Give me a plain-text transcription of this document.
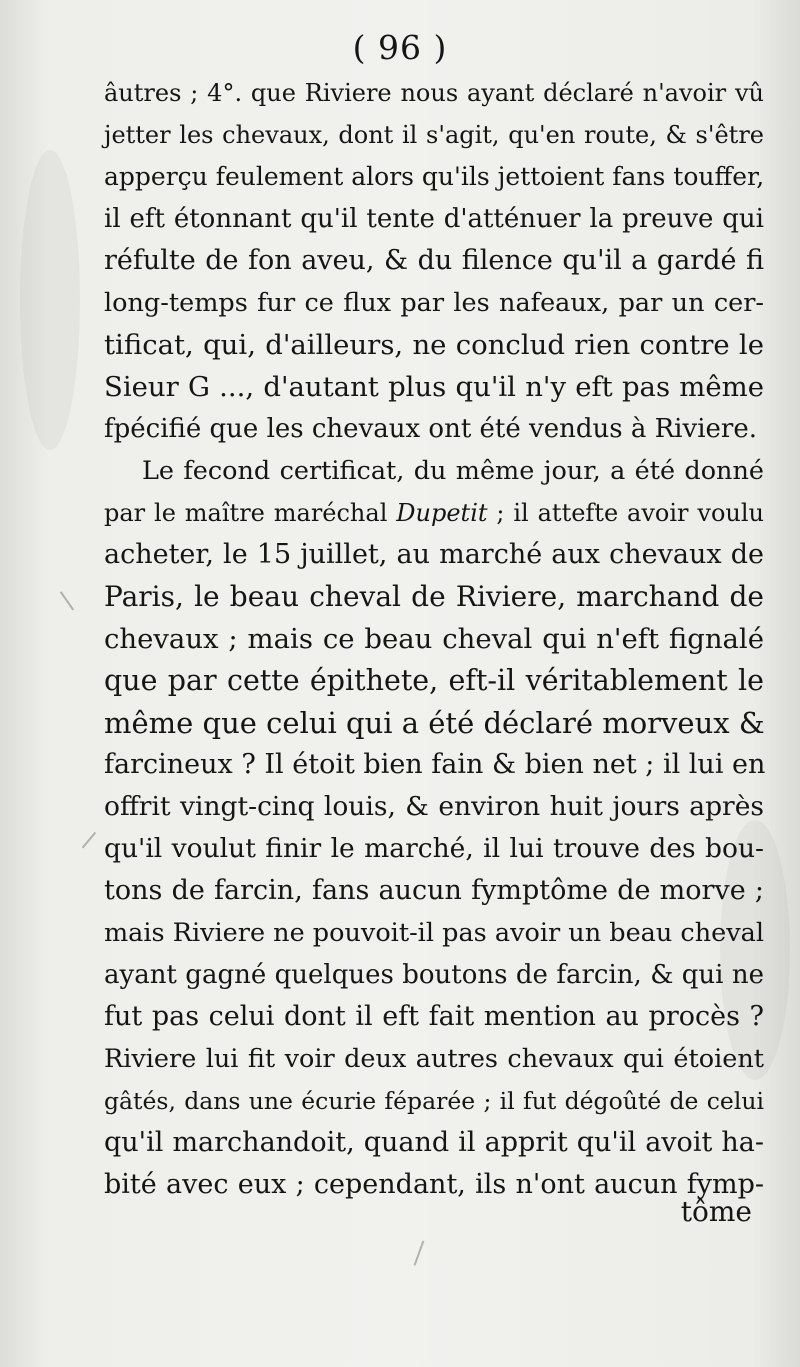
( 96 )
âutres ; 4°. que Riviere nous ayant déclaré n'avoir vû
jetter les chevaux, dont il s'agit, qu'en route, & s'être
apperçu feulement alors qu'ils jettoient fans touffer,
il eft étonnant qu'il tente d'atténuer la preuve qui
réfulte de fon aveu, & du filence qu'il a gardé fi
long-temps fur ce flux par les nafeaux, par un cer-
tificat, qui, d'ailleurs, ne conclud rien contre le
Sieur G ..., d'autant plus qu'il n'y eft pas même
fpécifié que les chevaux ont été vendus à Riviere.
Le fecond certificat, du même jour, a été donné
par le maître maréchal Dupetit ; il attefte avoir voulu
acheter, le 15 juillet, au marché aux chevaux de
Paris, le beau cheval de Riviere, marchand de
chevaux ; mais ce beau cheval qui n'eft fignalé
que par cette épithete, eft-il véritablement le
même que celui qui a été déclaré morveux &
farcineux ? Il étoit bien fain & bien net ; il lui en
offrit vingt-cinq louis, & environ huit jours après
qu'il voulut finir le marché, il lui trouve des bou-
tons de farcin, fans aucun fymptôme de morve ;
mais Riviere ne pouvoit-il pas avoir un beau cheval
ayant gagné quelques boutons de farcin, & qui ne
fut pas celui dont il eft fait mention au procès ?
Riviere lui fit voir deux autres chevaux qui étoient
gâtés, dans une écurie féparée ; il fut dégoûté de celui
qu'il marchandoit, quand il apprit qu'il avoit ha-
bité avec eux ; cependant, ils n'ont aucun fymp-
tôme
